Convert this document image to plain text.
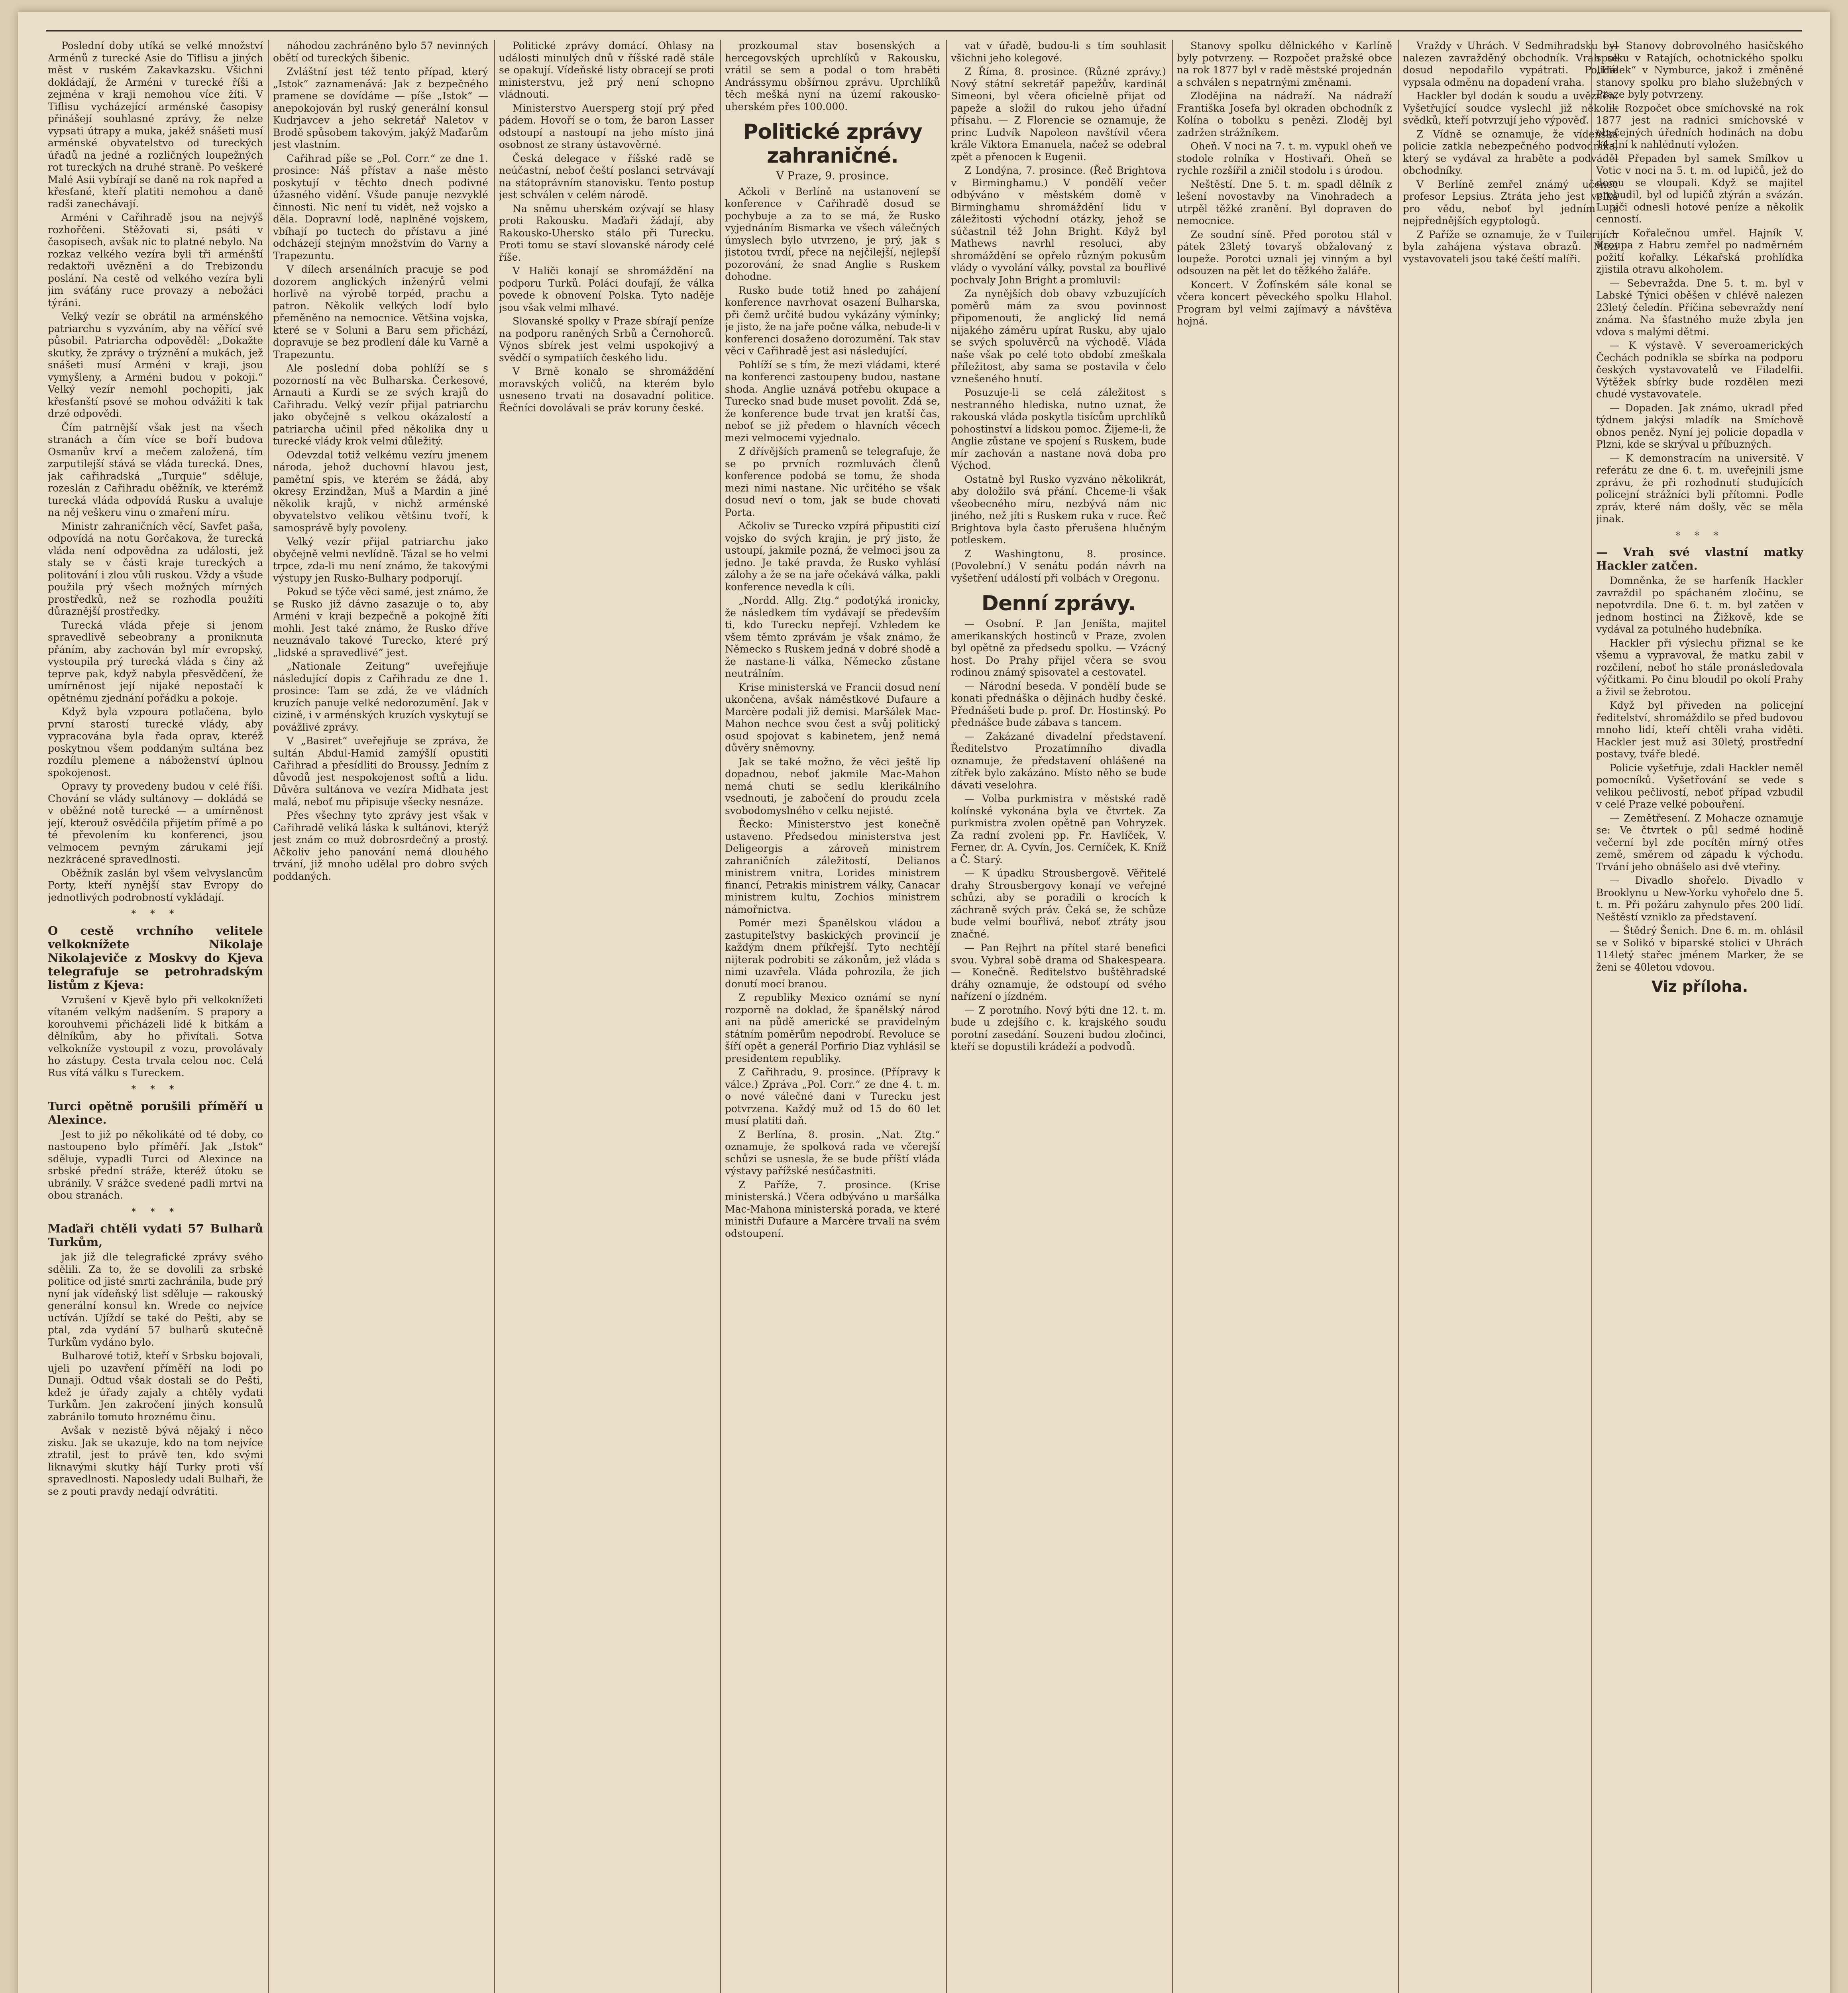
Poslední doby utíká se velké množství Arménů z turecké Asie do Tiflisu a jiných měst v ruském Zakavkazsku. Všichni dokládají, že Arméni v turecké říši a zejména v kraji nemohou více žíti. V Tiflisu vycházející arménské časopisy přinášejí souhlasné zprávy, že nelze vypsati útrapy a muka, jakéž snášeti musí arménské obyvatelstvo od tureckých úřadů na jedné a rozličných loupežných rot tureckých na druhé straně. Po veškeré Malé Asii vybírají se daně na rok napřed a křesťané, kteří platiti nemohou a daně radši zanechávají.

Arméni v Cařihradě jsou na nejvýš rozhořčeni. Stěžovati si, psáti v časopisech, avšak nic to platné nebylo. Na rozkaz velkého vezíra byli tři arménští redaktoři uvězněni a do Trebizondu poslání. Na cestě od velkého vezíra byli jim sváťány ruce provazy a nebožáci týráni.

Velký vezír se obrátil na arménského patriarchu s vyzváním, aby na věřící své působil. Patriarcha odpověděl: „Dokažte skutky, že zprávy o trýznění a mukách, jež snášeti musí Arméni v kraji, jsou vymyšleny, a Arméni budou v pokoji.“ Velký vezír nemohl pochopiti, jak křesťanští psové se mohou odvážiti k tak drzé odpovědi.

Čím patrnější však jest na všech stranách a čím více se boří budova Osmanův krví a mečem založená, tím zarputilejší stává se vláda turecká. Dnes, jak cařihradská „Turquie“ sděluje, rozeslán z Cařihradu oběžník, ve kterémž turecká vláda odpovídá Rusku a uvaluje na něj veškeru vinu o zmaření míru.

Ministr zahraničních věcí, Savfet paša, odpovídá na notu Gorčakova, že turecká vláda není odpovědna za události, jež staly se v části kraje tureckých a politování i zlou vůli ruskou. Vždy a všude použila prý všech možných mírných prostředků, než se rozhodla použíti důraznější prostředky.

Turecká vláda přeje si jenom spravedlivě sebeobrany a proniknuta přáním, aby zachován byl mír evropský, vystoupila prý turecká vláda s činy až teprve pak, když nabyla přesvědčení, že umírněnost její nijaké nepostačí k opětnému zjednání pořádku a pokoje.

Když byla vzpoura potlačena, bylo první starostí turecké vlády, aby vypracována byla řada oprav, kteréž poskytnou všem poddaným sultána bez rozdílu plemene a náboženství úplnou spokojenost.

Opravy ty provedeny budou v celé říši. Chování se vlády sultánovy — dokládá se v oběžné notě turecké — a umírněnost její, kterouž osvědčila přijetím přímě a po té převolením ku konferenci, jsou velmocem pevným zárukami její nezkrácené spravedlnosti.

Oběžník zaslán byl všem velvyslancům Porty, kteří nynější stav Evropy do jednotlivých podrobností vykládají.

* * *

O cestě vrchního velitele velkoknížete Nikolaje Nikolajeviče z Moskvy do Kjeva telegrafuje se petrohradským listům z Kjeva:

Vzrušení v Kjevě bylo při velkoknížeti vítaném velkým nadšením. S prapory a korouhvemi přicházeli lidé k bitkám a dělníkům, aby ho přivítali. Sotva velkokníže vystoupil z vozu, provolávaly ho zástupy. Cesta trvala celou noc. Celá Rus vítá válku s Tureckem.

* * *

Turci opětně porušili příměří u Alexince.

Jest to již po několikáté od té doby, co nastoupeno bylo příměří. Jak „Istok“ sděluje, vypadli Turci od Alexince na srbské přední stráže, kteréž útoku se ubránily. V srážce svedené padli mrtvi na obou stranách.

* * *

Maďaři chtěli vydati 57 Bulharů Turkům,

jak již dle telegrafické zprávy svého sdělili. Za to, že se dovolili za srbské politice od jisté smrti zachránila, bude prý nyní jak vídeňský list sděluje — rakouský generální konsul kn. Wrede co nejvíce uctíván. Ujíždí se také do Pešti, aby se ptal, zda vydání 57 bulharů skutečně Turkům vydáno bylo.

Bulharové totiž, kteří v Srbsku bojovali, ujeli po uzavření příměří na lodi po Dunaji. Odtud však dostali se do Pešti, kdež je úřady zajaly a chtěly vydati Turkům. Jen zakročení jiných konsulů zabránilo tomuto hroznému činu.

Avšak v nezistě bývá nějaký i něco zisku. Jak se ukazuje, kdo na tom nejvíce ztratil, jest to právě ten, kdo svými liknavými skutky hájí Turky proti vší spravedlnosti. Naposledy udali Bulhaři, že se z pouti pravdy nedají odvrátiti.

náhodou zachráněno bylo 57 nevinných obětí od tureckých šibenic.

Zvláštní jest též tento případ, který „Istok“ zaznamenává: Jak z bezpečného pramene se dovídáme — píše „Istok“ — anepokojován byl ruský generální konsul Kudrjavcev a jeho sekretář Naletov v Brodě spůsobem takovým, jakýž Maďarům jest vlastním.

Cařihrad píše se „Pol. Corr.“ ze dne 1. prosince: Náš přístav a naše město poskytují v těchto dnech podivné úžasného vidění. Všude panuje nezvyklé činnosti. Nic není tu vidět, než vojsko a děla. Dopravní lodě, naplněné vojskem, vbíhají po tuctech do přístavu a jiné odcházejí stejným množstvím do Varny a Trapezuntu.

V dílech arsenálních pracuje se pod dozorem anglických inženýrů velmi horlivě na výrobě torpéd, prachu a patron. Několik velkých lodí bylo přeměněno na nemocnice. Většina vojska, které se v Soluni a Baru sem přichází, dopravuje se bez prodlení dále ku Varně a Trapezuntu.

Ale poslední doba pohlíží se s pozorností na věc Bulharska. Čerkesové, Arnauti a Kurdi se ze svých krajů do Cařihradu. Velký vezír přijal patriarchu jako obyčejně s velkou okázalostí a patriarcha učinil před několika dny u turecké vlády krok velmi důležitý.

Odevzdal totiž velkému vezíru jmenem národa, jehož duchovní hlavou jest, pamětní spis, ve kterém se žádá, aby okresy Erzindžan, Muš a Mardin a jiné několik krajů, v nichž arménské obyvatelstvo velikou většinu tvoří, k samosprávě byly povoleny.

Velký vezír přijal patriarchu jako obyčejně velmi nevlídně. Tázal se ho velmi trpce, zda-li mu není známo, že takovými výstupy jen Rusko-Bulhary podporují.

Pokud se týče věci samé, jest známo, že se Rusko již dávno zasazuje o to, aby Arméni v kraji bezpečně a pokojně žíti mohli. Jest také známo, že Rusko dříve neuznávalo takové Turecko, které prý „lidské a spravedlivé“ jest.

„Nationale Zeitung“ uveřejňuje následující dopis z Cařihradu ze dne 1. prosince: Tam se zdá, že ve vládních kruzích panuje velké nedorozumění. Jak v cizině, i v arménských kruzích vyskytují se povážlivé zprávy.

V „Basiret“ uveřejňuje se zpráva, že sultán Abdul-Hamid zamýšlí opustiti Cařihrad a přesídliti do Broussy. Jedním z důvodů jest nespokojenost softů a lidu. Důvěra sultánova ve vezíra Midhata jest malá, neboť mu připisuje všecky nesnáze.

Přes všechny tyto zprávy jest však v Cařihradě veliká láska k sultánovi, kterýž jest znám co muž dobrosrdečný a prostý. Ačkoliv jeho panování nemá dlouhého trvání, již mnoho udělal pro dobro svých poddaných.

Politické zprávy domácí. Ohlasy na události minulých dnů v říšské radě stále se opakují. Vídeňské listy obracejí se proti ministerstvu, jež prý není schopno vládnouti.

Ministerstvo Auersperg stojí prý před pádem. Hovoří se o tom, že baron Lasser odstoupí a nastoupí na jeho místo jiná osobnost ze strany ústavověrné.

Česká delegace v říšské radě se neúčastní, neboť čeští poslanci setrvávají na státoprávním stanovisku. Tento postup jest schválen v celém národě.

Na sněmu uherském ozývají se hlasy proti Rakousku. Maďaři žádají, aby Rakousko-Uhersko stálo při Turecku. Proti tomu se staví slovanské národy celé říše.

V Haliči konají se shromáždění na podporu Turků. Poláci doufají, že válka povede k obnovení Polska. Tyto naděje jsou však velmi mlhavé.

Slovanské spolky v Praze sbírají peníze na podporu raněných Srbů a Černohorců. Výnos sbírek jest velmi uspokojivý a svědčí o sympatiích českého lidu.

V Brně konalo se shromáždění moravských voličů, na kterém bylo usneseno trvati na dosavadní politice. Řečníci dovolávali se práv koruny české.

prozkoumal stav bosenských a hercegovských uprchlíků v Rakousku, vrátil se sem a podal o tom hraběti Andrássymu obšírnou zprávu. Uprchlíků těch mešká nyní na území rakousko-uherském přes 100.000.

Politické zprávy zahraničné.

V Praze, 9. prosince.

Ačkoli v Berlíně na ustanovení se konference v Cařihradě dosud se pochybuje a za to se má, že Rusko vyjednáním Bismarka ve všech válečných úmyslech bylo utvrzeno, je prý, jak s jistotou tvrdí, přece na nejčilejší, nejlepší pozorování, že snad Anglie s Ruskem dohodne.

Rusko bude totiž hned po zahájení konference navrhovat osazení Bulharska, při čemž určité budou vykázány výmínky; je jisto, že na jaře počne válka, nebude-li v konferenci dosaženo dorozumění. Tak stav věci v Cařihradě jest asi následující.

Pohlíží se s tím, že mezi vládami, které na konferenci zastoupeny budou, nastane shoda. Anglie uznává potřebu okupace a Turecko snad bude muset povolit. Zdá se, že konference bude trvat jen kratší čas, neboť se již předem o hlavních věcech mezi velmocemi vyjednalo.

Z dřívějších pramenů se telegrafuje, že se po prvních rozmluvách členů konference podobá se tomu, že shoda mezi nimi nastane. Nic určitého se však dosud neví o tom, jak se bude chovati Porta.

Ačkoliv se Turecko vzpírá připustiti cizí vojsko do svých krajin, je prý jisto, že ustoupí, jakmile pozná, že velmoci jsou za jedno. Je také pravda, že Rusko vyhlásí zálohy a že se na jaře očekává válka, pakli konference nevedla k cíli.

„Nordd. Allg. Ztg.“ podotýká ironicky, že následkem tím vydávají se především ti, kdo Turecku nepřejí. Vzhledem ke všem těmto zprávám je však známo, že Německo s Ruskem jedná v dobré shodě a že nastane-li válka, Německo zůstane neutrálním.

Krise ministerská ve Francii dosud není ukončena, avšak náměstkové Dufaure a Marcère podali již demisi. Maršálek Mac-Mahon nechce svou čest a svůj politický osud spojovat s kabinetem, jenž nemá důvěry sněmovny.

Jak se také možno, že věci ještě lip dopadnou, neboť jakmile Mac-Mahon nemá chuti se sedlu klerikálního vsednouti, je zabočení do proudu zcela svobodomyslného v celku nejisté.

Řecko: Ministerstvo jest konečně ustaveno. Předsedou ministerstva jest Deligeorgis a zároveň ministrem zahraničních záležitostí, Delianos ministrem vnitra, Lorides ministrem financí, Petrakis ministrem války, Canacar ministrem kultu, Zochios ministrem námořnictva.

Pomér mezi Španělskou vládou a zastupiteľstvy baskických provincií je každým dnem příkřejší. Tyto nechtějí nijterak podrobiti se zákonům, jež vláda s nimi uzavřela. Vláda pohrozila, že jich donutí mocí branou.

Z republiky Mexico oznámí se nyní rozporně na doklad, že španělský národ ani na půdě americké se pravidelným státním poměrům nepodrobí. Revoluce se šíří opět a generál Porfirio Diaz vyhlásil se presidentem republiky.

Z Cařihradu, 9. prosince. (Přípravy k válce.) Zpráva „Pol. Corr.“ ze dne 4. t. m. o nové válečné dani v Turecku jest potvrzena. Každý muž od 15 do 60 let musí platiti daň.

Z Berlína, 8. prosin. „Nat. Ztg.“ oznamuje, že spolková rada ve včerejší schůzi se usnesla, že se bude příští vláda výstavy pařížské nesúčastniti.

Z Paříže, 7. prosince. (Krise ministerská.) Včera odbýváno u maršálka Mac-Mahona ministerská porada, ve které ministři Dufaure a Marcère trvali na svém odstoupení.

vat v úřadě, budou-li s tím souhlasit všichni jeho kolegové.

Z Říma, 8. prosince. (Různé zprávy.) Nový státní sekretář papežův, kardinál Simeoni, byl včera oficielně přijat od papeže a složil do rukou jeho úřadní přísahu. — Z Florencie se oznamuje, že princ Ludvík Napoleon navštívil včera krále Viktora Emanuela, načež se odebral zpět a přenocen k Eugenii.

Z Londýna, 7. prosince. (Řeč Brightova v Birminghamu.) V pondělí večer odbýváno v městském domě v Birminghamu shromáždění lidu v záležitosti východní otázky, jehož se súčastnil též John Bright. Když byl Mathews navrhl resoluci, aby shromáždění se opřelo různým pokusům vlády o vyvolání války, povstal za bouřlivé pochvaly John Bright a promluvil:

Za nynějších dob obavy vzbuzujících poměrů mám za svou povinnost připomenouti, že anglický lid nemá nijakého záměru upírat Rusku, aby ujalo se svých spoluvěrců na východě. Vláda naše však po celé toto období zmeškala příležitost, aby sama se postavila v čelo vznešeného hnutí.

Posuzuje-li se celá záležitost s nestranného hlediska, nutno uznat, že rakouská vláda poskytla tisícům uprchlíků pohostinství a lidskou pomoc. Žijeme-li, že Anglie zůstane ve spojení s Ruskem, bude mír zachován a nastane nová doba pro Východ.

Ostatně byl Rusko vyzváno několikrát, aby doložilo svá přání. Chceme-li však všeobecného míru, nezbývá nám nic jiného, než jíti s Ruskem ruka v ruce. Řeč Brightova byla často přerušena hlučným potleskem.

Z Washingtonu, 8. prosince. (Povolební.) V senátu podán návrh na vyšetření událostí při volbách v Oregonu.

Denní zprávy.

— Osobní. P. Jan Jeníšta, majitel amerikanských hostinců v Praze, zvolen byl opětně za předsedu spolku. — Vzácný host. Do Prahy přijel včera se svou rodinou známý spisovatel a cestovatel.

— Národní beseda. V pondělí bude se konati přednáška o dějinách hudby české. Přednášeti bude p. prof. Dr. Hostinský. Po přednášce bude zábava s tancem.

— Zakázané divadelní představení. Ředitelstvo Prozatímního divadla oznamuje, že představení ohlášené na zítřek bylo zakázáno. Místo něho se bude dávati veselohra.

— Volba purkmistra v městské radě kolínské vykonána byla ve čtvrtek. Za purkmistra zvolen opětně pan Vohryzek. Za radní zvoleni pp. Fr. Havlíček, V. Ferner, dr. A. Cyvín, Jos. Cerníček, K. Kníž a Č. Starý.

— K úpadku Strousbergově. Věřitelé drahy Strousbergovy konají ve veřejné schůzi, aby se poradili o krocích k záchraně svých práv. Čeká se, že schůze bude velmi bouřlivá, neboť ztráty jsou značné.

— Pan Rejhrt na přítel staré benefici svou. Vybral sobě drama od Shakespeara. — Konečně. Ředitelstvo buštěhradské dráhy oznamuje, že odstoupí od svého nařízení o jízdném.

— Z porotního. Nový býti dne 12. t. m. bude u zdejšího c. k. krajského soudu porotní zasedání. Souzeni budou zločinci, kteří se dopustili krádeží a podvodů.

Stanovy spolku dělnického v Karlíně byly potvrzeny. — Rozpočet pražské obce na rok 1877 byl v radě městské projednán a schválen s nepatrnými změnami.

Zlodějina na nádraží. Na nádraží Františka Josefa byl okraden obchodník z Kolína o tobolku s penězi. Zloděj byl zadržen strážníkem.

Oheň. V noci na 7. t. m. vypukl oheň ve stodole rolníka v Hostivaři. Oheň se rychle rozšířil a zničil stodolu i s úrodou.

Neštěstí. Dne 5. t. m. spadl dělník z lešení novostavby na Vinohradech a utrpěl těžké zranění. Byl dopraven do nemocnice.

Ze soudní síně. Před porotou stál v pátek 23letý tovaryš obžalovaný z loupeže. Porotci uznali jej vinným a byl odsouzen na pět let do těžkého žaláře.

Koncert. V Žofínském sále konal se včera koncert pěveckého spolku Hlahol. Program byl velmi zajímavý a návštěva hojná.

Vraždy v Uhrách. V Sedmihradsku byl nalezen zavražděný obchodník. Vrah se dosud nepodařilo vypátrati. Policie vypsala odměnu na dopadení vraha.

Hackler byl dodán k soudu a uvězněn. Vyšetřující soudce vyslechl již několik svědků, kteří potvrzují jeho výpověď.

Z Vídně se oznamuje, že vídeňská policie zatkla nebezpečného podvodníka, který se vydával za hraběte a podváděl obchodníky.

V Berlíně zemřel známý učenec profesor Lepsius. Ztráta jeho jest velká pro vědu, neboť byl jedním z nejpřednějších egyptologů.

Z Paříže se oznamuje, že v Tuilerijích byla zahájena výstava obrazů. Mezi vystavovateli jsou také čeští malíři.

— Stanovy dobrovolného hasičského spolku v Ratajích, ochotnického spolku „Hálek“ v Nymburce, jakož i změněné stanovy spolku pro blaho služebných v Praze byly potvrzeny.

— Rozpočet obce smíchovské na rok 1877 jest na radnici smíchovské v obyčejných úředních hodinách na dobu 14 dní k nahlédnutí vyložen.

— Přepaden byl samek Smílkov u Votic v noci na 5. t. m. od lupičů, jež do domu se vloupali. Když se majitel probudil, byl od lupičů ztýrán a svázán. Lupiči odnesli hotové peníze a několik cenností.

— Kořalečnou umřel. Hajník V. Kroupa z Habru zemřel po nadměrném požití kořalky. Lékařská prohlídka zjistila otravu alkoholem.

— Sebevražda. Dne 5. t. m. byl v Labské Týnici oběšen v chlévě nalezen 23letý čeledín. Příčina sebevraždy není známa. Na šťastného muže zbyla jen vdova s malými dětmi.

— K výstavě. V severoamerických Čechách podnikla se sbírka na podporu českých vystavovatelů ve Filadelfii. Výtěžek sbírky bude rozdělen mezi chudé vystavovatele.

— Dopaden. Jak známo, ukradl před týdnem jakýsi mladík na Smíchově obnos peněz. Nyní jej policie dopadla v Plzni, kde se skrýval u příbuzných.

— K demonstracím na universitě. V referátu ze dne 6. t. m. uveřejnili jsme zprávu, že při rozhodnutí studujících policejní strážníci byli přítomni. Podle zpráv, které nám došly, věc se měla jinak.

* * *

— Vrah své vlastní matky Hackler zatčen.

Domněnka, že se harfeník Hackler zavraždil po spáchaném zločinu, se nepotvrdila. Dne 6. t. m. byl zatčen v jednom hostinci na Žižkově, kde se vydával za potulného hudebníka.

Hackler při výslechu přiznal se ke všemu a vypravoval, že matku zabil v rozčilení, neboť ho stále pronásledovala výčitkami. Po činu bloudil po okolí Prahy a živil se žebrotou.

Když byl přiveden na policejní ředitelství, shromáždilo se před budovou mnoho lidí, kteří chtěli vraha viděti. Hackler jest muž asi 30letý, prostřední postavy, tváře bledé.

Policie vyšetřuje, zdali Hackler neměl pomocníků. Vyšetřování se vede s velikou pečlivostí, neboť případ vzbudil v celé Praze velké pobouření.

— Zemětřesení. Z Mohacze oznamuje se: Ve čtvrtek o půl sedmé hodině večerní byl zde pocítěn mírný otřes země, směrem od západu k východu. Trvání jeho obnášelo asi dvě vteřiny.

— Divadlo shořelo. Divadlo v Brooklynu u New-Yorku vyhořelo dne 5. t. m. Při požáru zahynulo přes 200 lidí. Neštěstí vzniklo za představení.

— Štědrý Šenich. Dne 6. m. m. ohlásil se v Solikó v biparské stolici v Uhrách 114letý stařec jménem Marker, že se ženi se 40letou vdovou.

Viz příloha.
